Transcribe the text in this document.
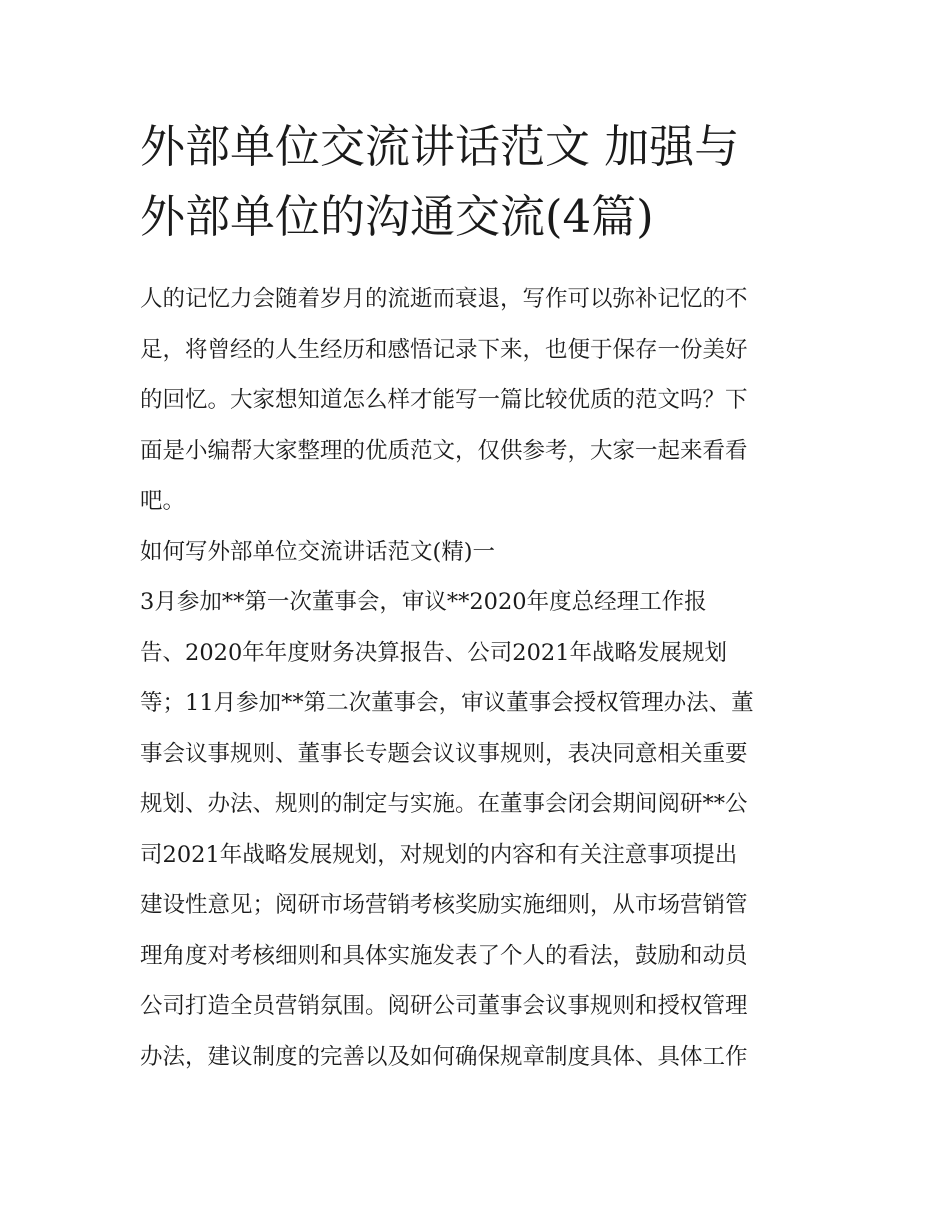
外部单位交流讲话范文 加强与
外部单位的沟通交流(4篇)

人的记忆力会随着岁月的流逝而衰退，写作可以弥补记忆的不
足，将曾经的人生经历和感悟记录下来，也便于保存一份美好
的回忆。大家想知道怎么样才能写一篇比较优质的范文吗？下
面是小编帮大家整理的优质范文，仅供参考，大家一起来看看
吧。

如何写外部单位交流讲话范文(精)一

3月参加**第一次董事会，审议**2020年度总经理工作报
告、2020年年度财务决算报告、公司2021年战略发展规划
等；11月参加**第二次董事会，审议董事会授权管理办法、董
事会议事规则、董事长专题会议议事规则，表决同意相关重要
规划、办法、规则的制定与实施。在董事会闭会期间阅研**公
司2021年战略发展规划，对规划的内容和有关注意事项提出
建设性意见；阅研市场营销考核奖励实施细则，从市场营销管
理角度对考核细则和具体实施发表了个人的看法，鼓励和动员
公司打造全员营销氛围。阅研公司董事会议事规则和授权管理
办法，建议制度的完善以及如何确保规章制度具体、具体工作
